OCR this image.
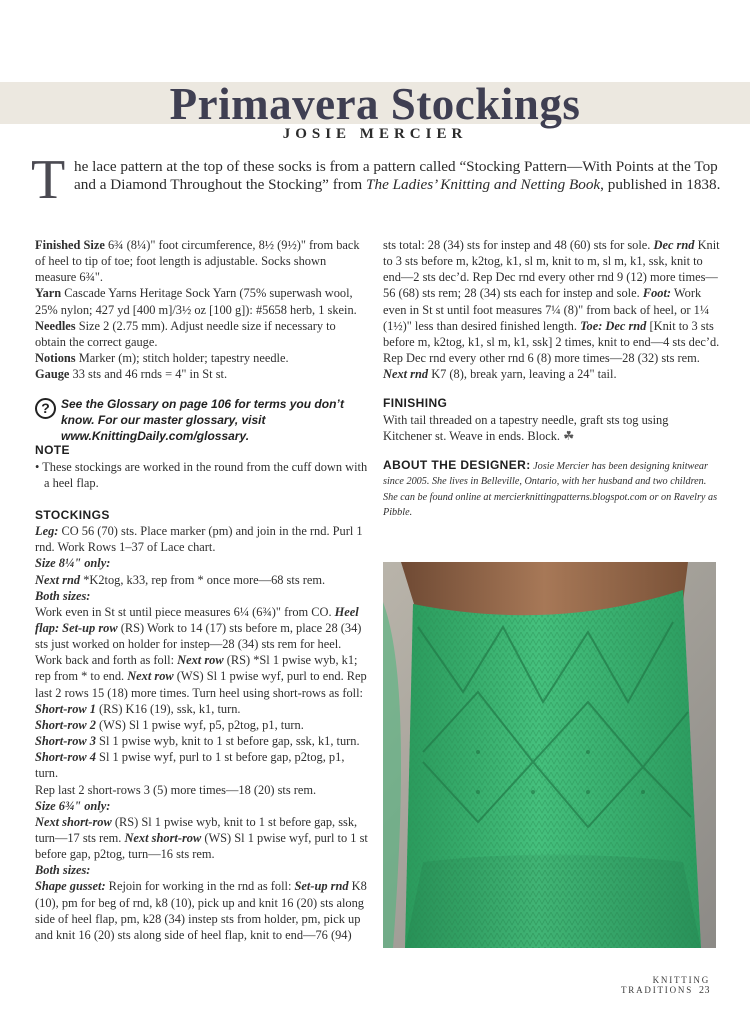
Primavera Stockings
JOSIE MERCIER
T he lace pattern at the top of these socks is from a pattern called “Stocking Pattern—With Points at the Top
and a Diamond Throughout the Stocking” from The Ladies’ Knitting and Netting Book, published in 1838.

Finished Size 6¾ (8¼)" foot circumference, 8½ (9½)" from back of heel to tip of toe; foot length is adjustable. Socks shown measure 6¾".

Yarn Cascade Yarns Heritage Sock Yarn (75% superwash wool, 25% nylon; 427 yd [400 m]/3½ oz [100 g]): #5658 herb, 1 skein.

Needles Size 2 (2.75 mm). Adjust needle size if necessary to obtain the correct gauge.

Notions Marker (m); stitch holder; tapestry needle.

Gauge 33 sts and 46 rnds = 4" in St st.

NOTE

• These stockings are worked in the round from the cuff down with a heel flap.

STOCKINGS

Leg: CO 56 (70) sts. Place marker (pm) and join in the rnd. Purl 1 rnd. Work Rows 1–37 of Lace chart.

Size 8¼" only:

Next rnd *K2tog, k33, rep from * once more—68 sts rem.

Both sizes:

Work even in St st until piece measures 6¼ (6¾)" from CO. Heel flap: Set-up row (RS) Work to 14 (17) sts before m, place 28 (34) sts just worked on holder for instep—28 (34) sts rem for heel. Work back and forth as foll: Next row (RS) *Sl 1 pwise wyb, k1; rep from * to end. Next row (WS) Sl 1 pwise wyf, purl to end. Rep last 2 rows 15 (18) more times. Turn heel using short-rows as foll:

Short-row 1 (RS) K16 (19), ssk, k1, turn.

Short-row 2 (WS) Sl 1 pwise wyf, p5, p2tog, p1, turn.

Short-row 3 Sl 1 pwise wyb, knit to 1 st before gap, ssk, k1, turn.

Short-row 4 Sl 1 pwise wyf, purl to 1 st before gap, p2tog, p1, turn.

Rep last 2 short-rows 3 (5) more times—18 (20) sts rem.

Size 6¾" only:

Next short-row (RS) Sl 1 pwise wyb, knit to 1 st before gap, ssk, turn—17 sts rem. Next short-row (WS) Sl 1 pwise wyf, purl to 1 st before gap, p2tog, turn—16 sts rem.

Both sizes:

Shape gusset: Rejoin for working in the rnd as foll: Set-up rnd K8 (10), pm for beg of rnd, k8 (10), pick up and knit 16 (20) sts along side of heel flap, pm, k28 (34) instep sts from holder, pm, pick up and knit 16 (20) sts along side of heel flap, knit to end—76 (94)

? See the Glossary on page 106 for terms you don’t know. For our master glossary, visit www.KnittingDaily.com/glossary.

sts total: 28 (34) sts for instep and 48 (60) sts for sole. Dec rnd Knit to 3 sts before m, k2tog, k1, sl m, knit to m, sl m, k1, ssk, knit to end—2 sts dec’d. Rep Dec rnd every other rnd 9 (12) more times—56 (68) sts rem; 28 (34) sts each for instep and sole. Foot: Work even in St st until foot measures 7¼ (8)" from back of heel, or 1¼ (1½)" less than desired finished length. Toe: Dec rnd [Knit to 3 sts before m, k2tog, k1, sl m, k1, ssk] 2 times, knit to end—4 sts dec’d. Rep Dec rnd every other rnd 6 (8) more times—28 (32) sts rem. Next rnd K7 (8), break yarn, leaving a 24" tail.

FINISHING

With tail threaded on a tapestry needle, graft sts tog using Kitchener st. Weave in ends. Block. ☘

ABOUT THE DESIGNER: Josie Mercier has been designing knitwear since 2005. She lives in Belleville, Ontario, with her husband and two children. She can be found online at mercierknittingpatterns.blogspot.com or on Ravelry as Pibble.

KNITTING TRADITIONS 23
